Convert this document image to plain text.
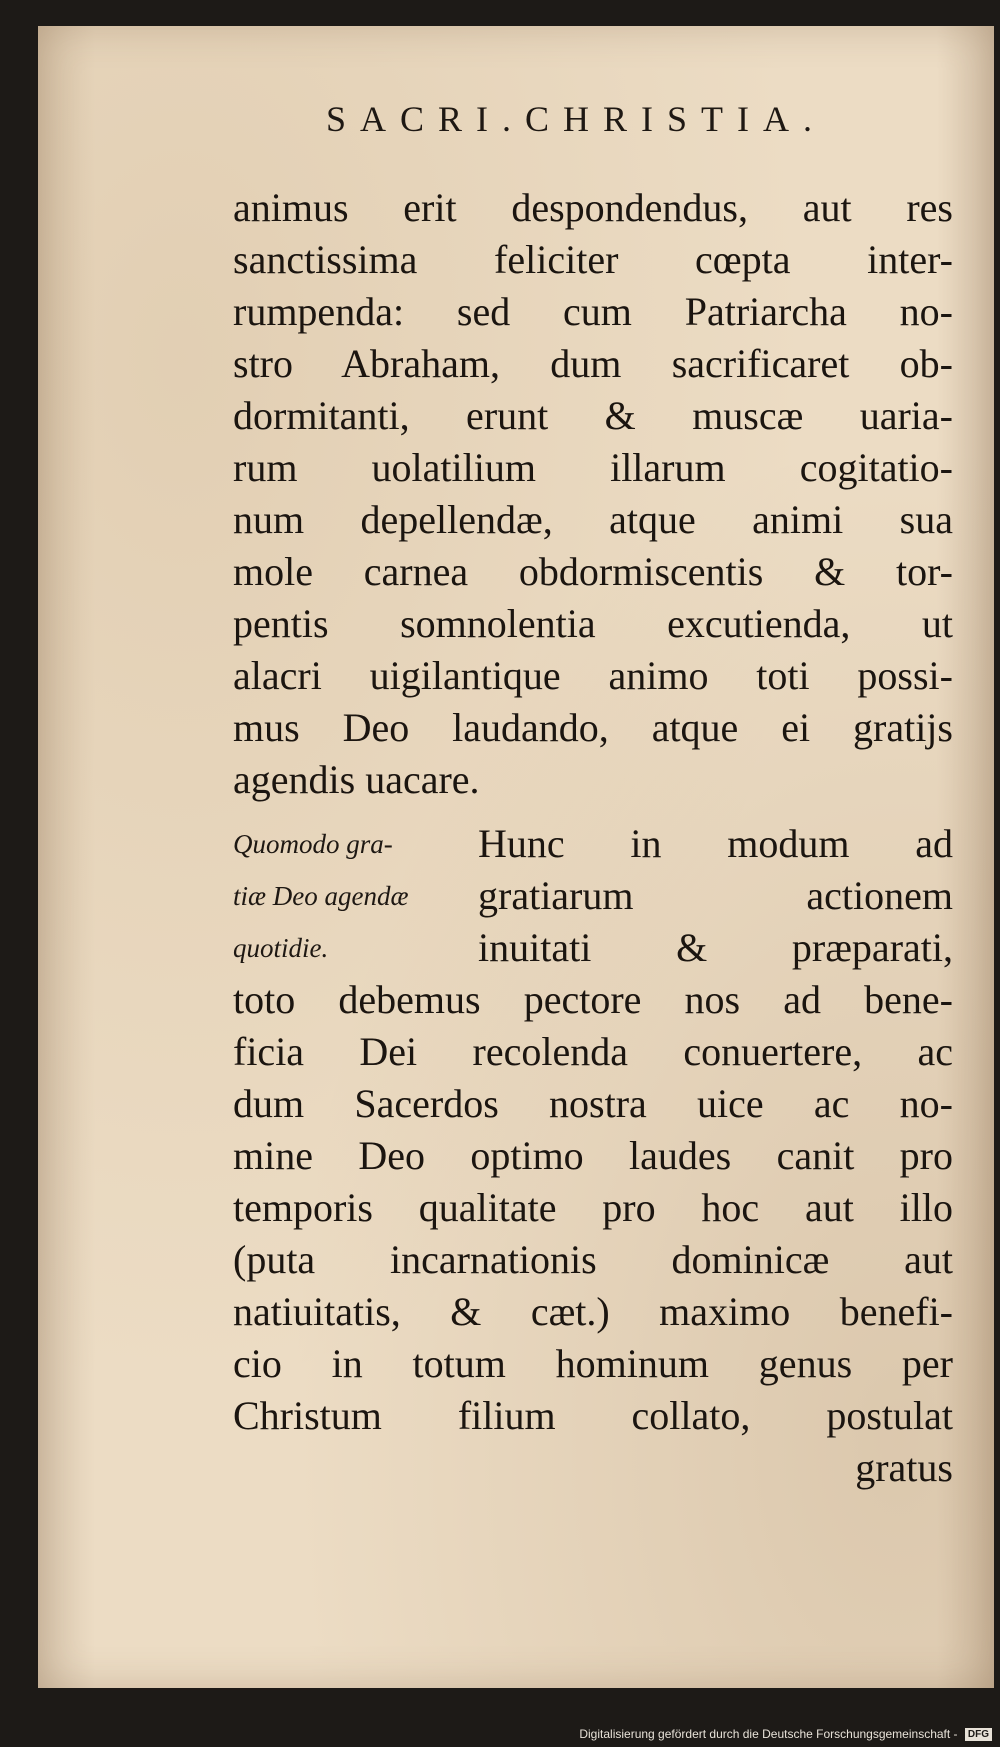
SACRI.CHRISTIA.
animus erit despondendus, aut res
sanctissima feliciter cœpta inter-
rumpenda: sed cum Patriarcha no-
stro Abraham, dum sacrificaret ob-
dormitanti, erunt & muscæ uaria-
rum uolatilium illarum cogitatio-
num depellendæ, atque animi sua
mole carnea obdormiscentis & tor-
pentis somnolentia excutienda, ut
alacri uigilantique animo toti possi-
mus Deo laudando, atque ei gratijs
agendis uacare.
Quomodo gra-	Hunc in modum ad
tiæ Deo agendæ	gratiarum actionem
quotidie.	inuitati & præparati,
toto debemus pectore nos ad bene-
ficia Dei recolenda conuertere, ac
dum Sacerdos nostra uice ac no-
mine Deo optimo laudes canit pro
temporis qualitate pro hoc aut illo
(puta incarnationis dominicæ aut
natiuitatis, & cæt.) maximo benefi-
cio in totum hominum genus per
Christum filium collato, postulat
gratus
Digitalisierung gefördert durch die Deutsche Forschungsgemeinschaft - DFG
